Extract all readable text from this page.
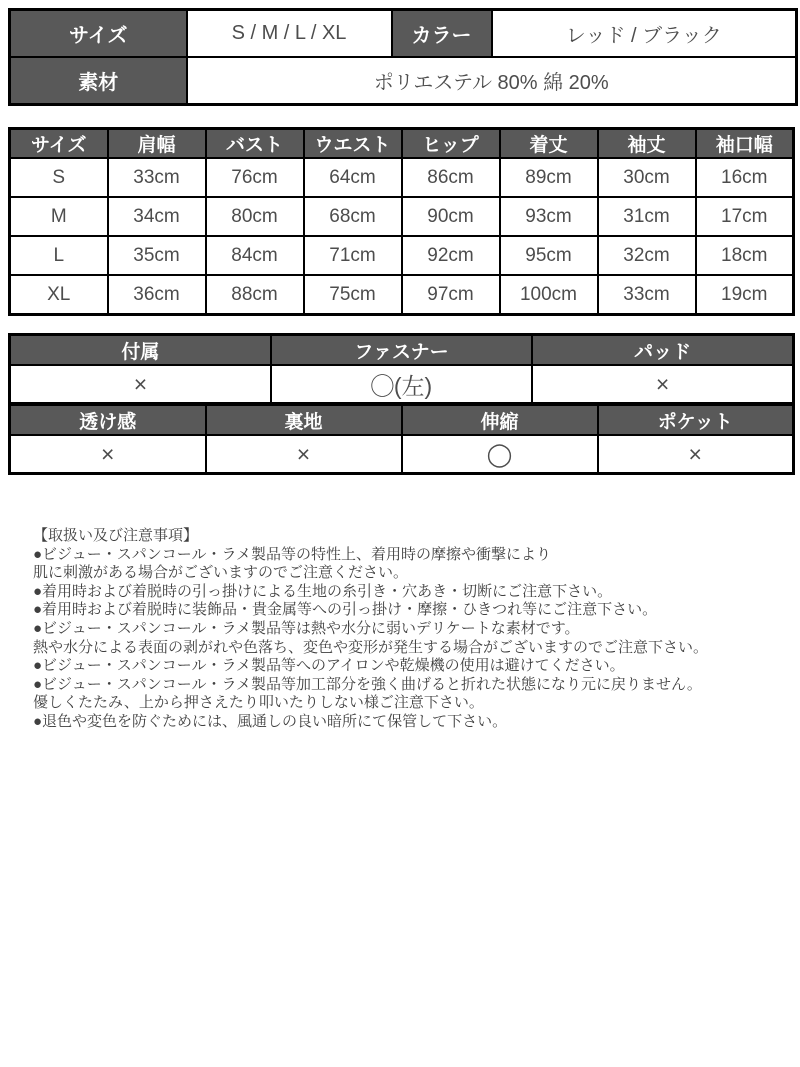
サイズ	S / M / L / XL	カラー	レッド / ブラック
素材	ポリエステル 80% 綿 20%		
サイズ	肩幅	バスト	ウエスト	ヒップ	着丈	袖丈	袖口幅
S	33cm	76cm	64cm	86cm	89cm	30cm	16cm
M	34cm	80cm	68cm	90cm	93cm	31cm	17cm
L	35cm	84cm	71cm	92cm	95cm	32cm	18cm
XL	36cm	88cm	75cm	97cm	100cm	33cm	19cm
付属	ファスナー	パッド
×	◯(左)	×
透け感	裏地	伸縮	ポケット
×	×	◯	×
【取扱い及び注意事項】
●ビジュー・スパンコール・ラメ製品等の特性上、着用時の摩擦や衝撃により
肌に刺激がある場合がございますのでご注意ください。
●着用時および着脱時の引っ掛けによる生地の糸引き・穴あき・切断にご注意下さい。
●着用時および着脱時に装飾品・貴金属等への引っ掛け・摩擦・ひきつれ等にご注意下さい。
●ビジュー・スパンコール・ラメ製品等は熱や水分に弱いデリケートな素材です。
熱や水分による表面の剥がれや色落ち、変色や変形が発生する場合がございますのでご注意下さい。
●ビジュー・スパンコール・ラメ製品等へのアイロンや乾燥機の使用は避けてください。
●ビジュー・スパンコール・ラメ製品等加工部分を強く曲げると折れた状態になり元に戻りません。
優しくたたみ、上から押さえたり叩いたりしない様ご注意下さい。
●退色や変色を防ぐためには、風通しの良い暗所にて保管して下さい。
